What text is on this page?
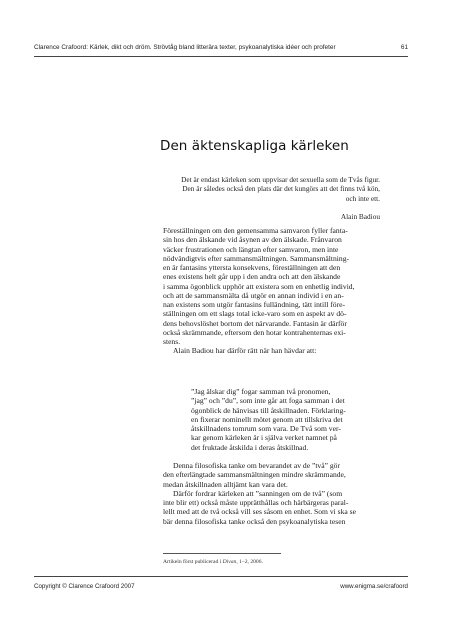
Clarence Crafoord: Kärlek, dikt och dröm. Strövtåg bland litterära texter, psykoanalytiska idéer och profeter	61
Den äktenskapliga kärleken
Det är endast kärleken som uppvisar det sexuella som de Tvås figur.
Den är således också den plats där det kungörs att det finns två kön,
och inte ett.
Alain Badiou
Föreställningen om den gemensamma samvaron fyller fanta-
sin hos den älskande vid åsynen av den älskade. Frånvaron
väcker frustrationen och längtan efter samvaron, men inte
nödvändigtvis efter sammansmältningen. Sammansmältning-
en är fantasins yttersta konsekvens, föreställningen att den
enes existens helt går upp i den andra och att den älskande
i samma ögonblick upphör att existera som en enhetlig individ,
och att de sammansmälta då utgör en annan individ i en an-
nan existens som utgör fantasins fulländning, tätt intill före-
ställningen om ett slags total icke-varo som en aspekt av dö-
dens behovslöshet bortom det närvarande. Fantasin är därför
också skrämmande, eftersom den hotar kontrahenternas exi-
stens.
Alain Badiou har därför rätt när han hävdar att:
”Jag älskar dig” fogar samman två pronomen,
”jag” och ”du”, som inte går att foga samman i det
ögonblick de hänvisas till åtskillnaden. Förklaring-
en fixerar nominellt mötet genom att tillskriva det
åtskillnadens tomrum som vara. De Två som ver-
kar genom kärleken är i själva verket namnet på
det fruktade åtskilda i deras åtskillnad.
Denna filosofiska tanke om bevarandet av de ”två” gör
den efterlängtade sammansmältningen mindre skrämmande,
medan åtskillnaden alltjämt kan vara det.
Därför fordrar kärleken att ”sanningen om de två” (som
inte blir ett) också måste upprätthållas och härbärgeras paral-
lellt med att de två också vill ses såsom en enhet. Som vi ska se
bär denna filosofiska tanke också den psykoanalytiska tesen
Artikeln först publicerad i Divan, 1–2, 2006.
Copyright © Clarence Crafoord 2007	www.enigma.se/crafoord
